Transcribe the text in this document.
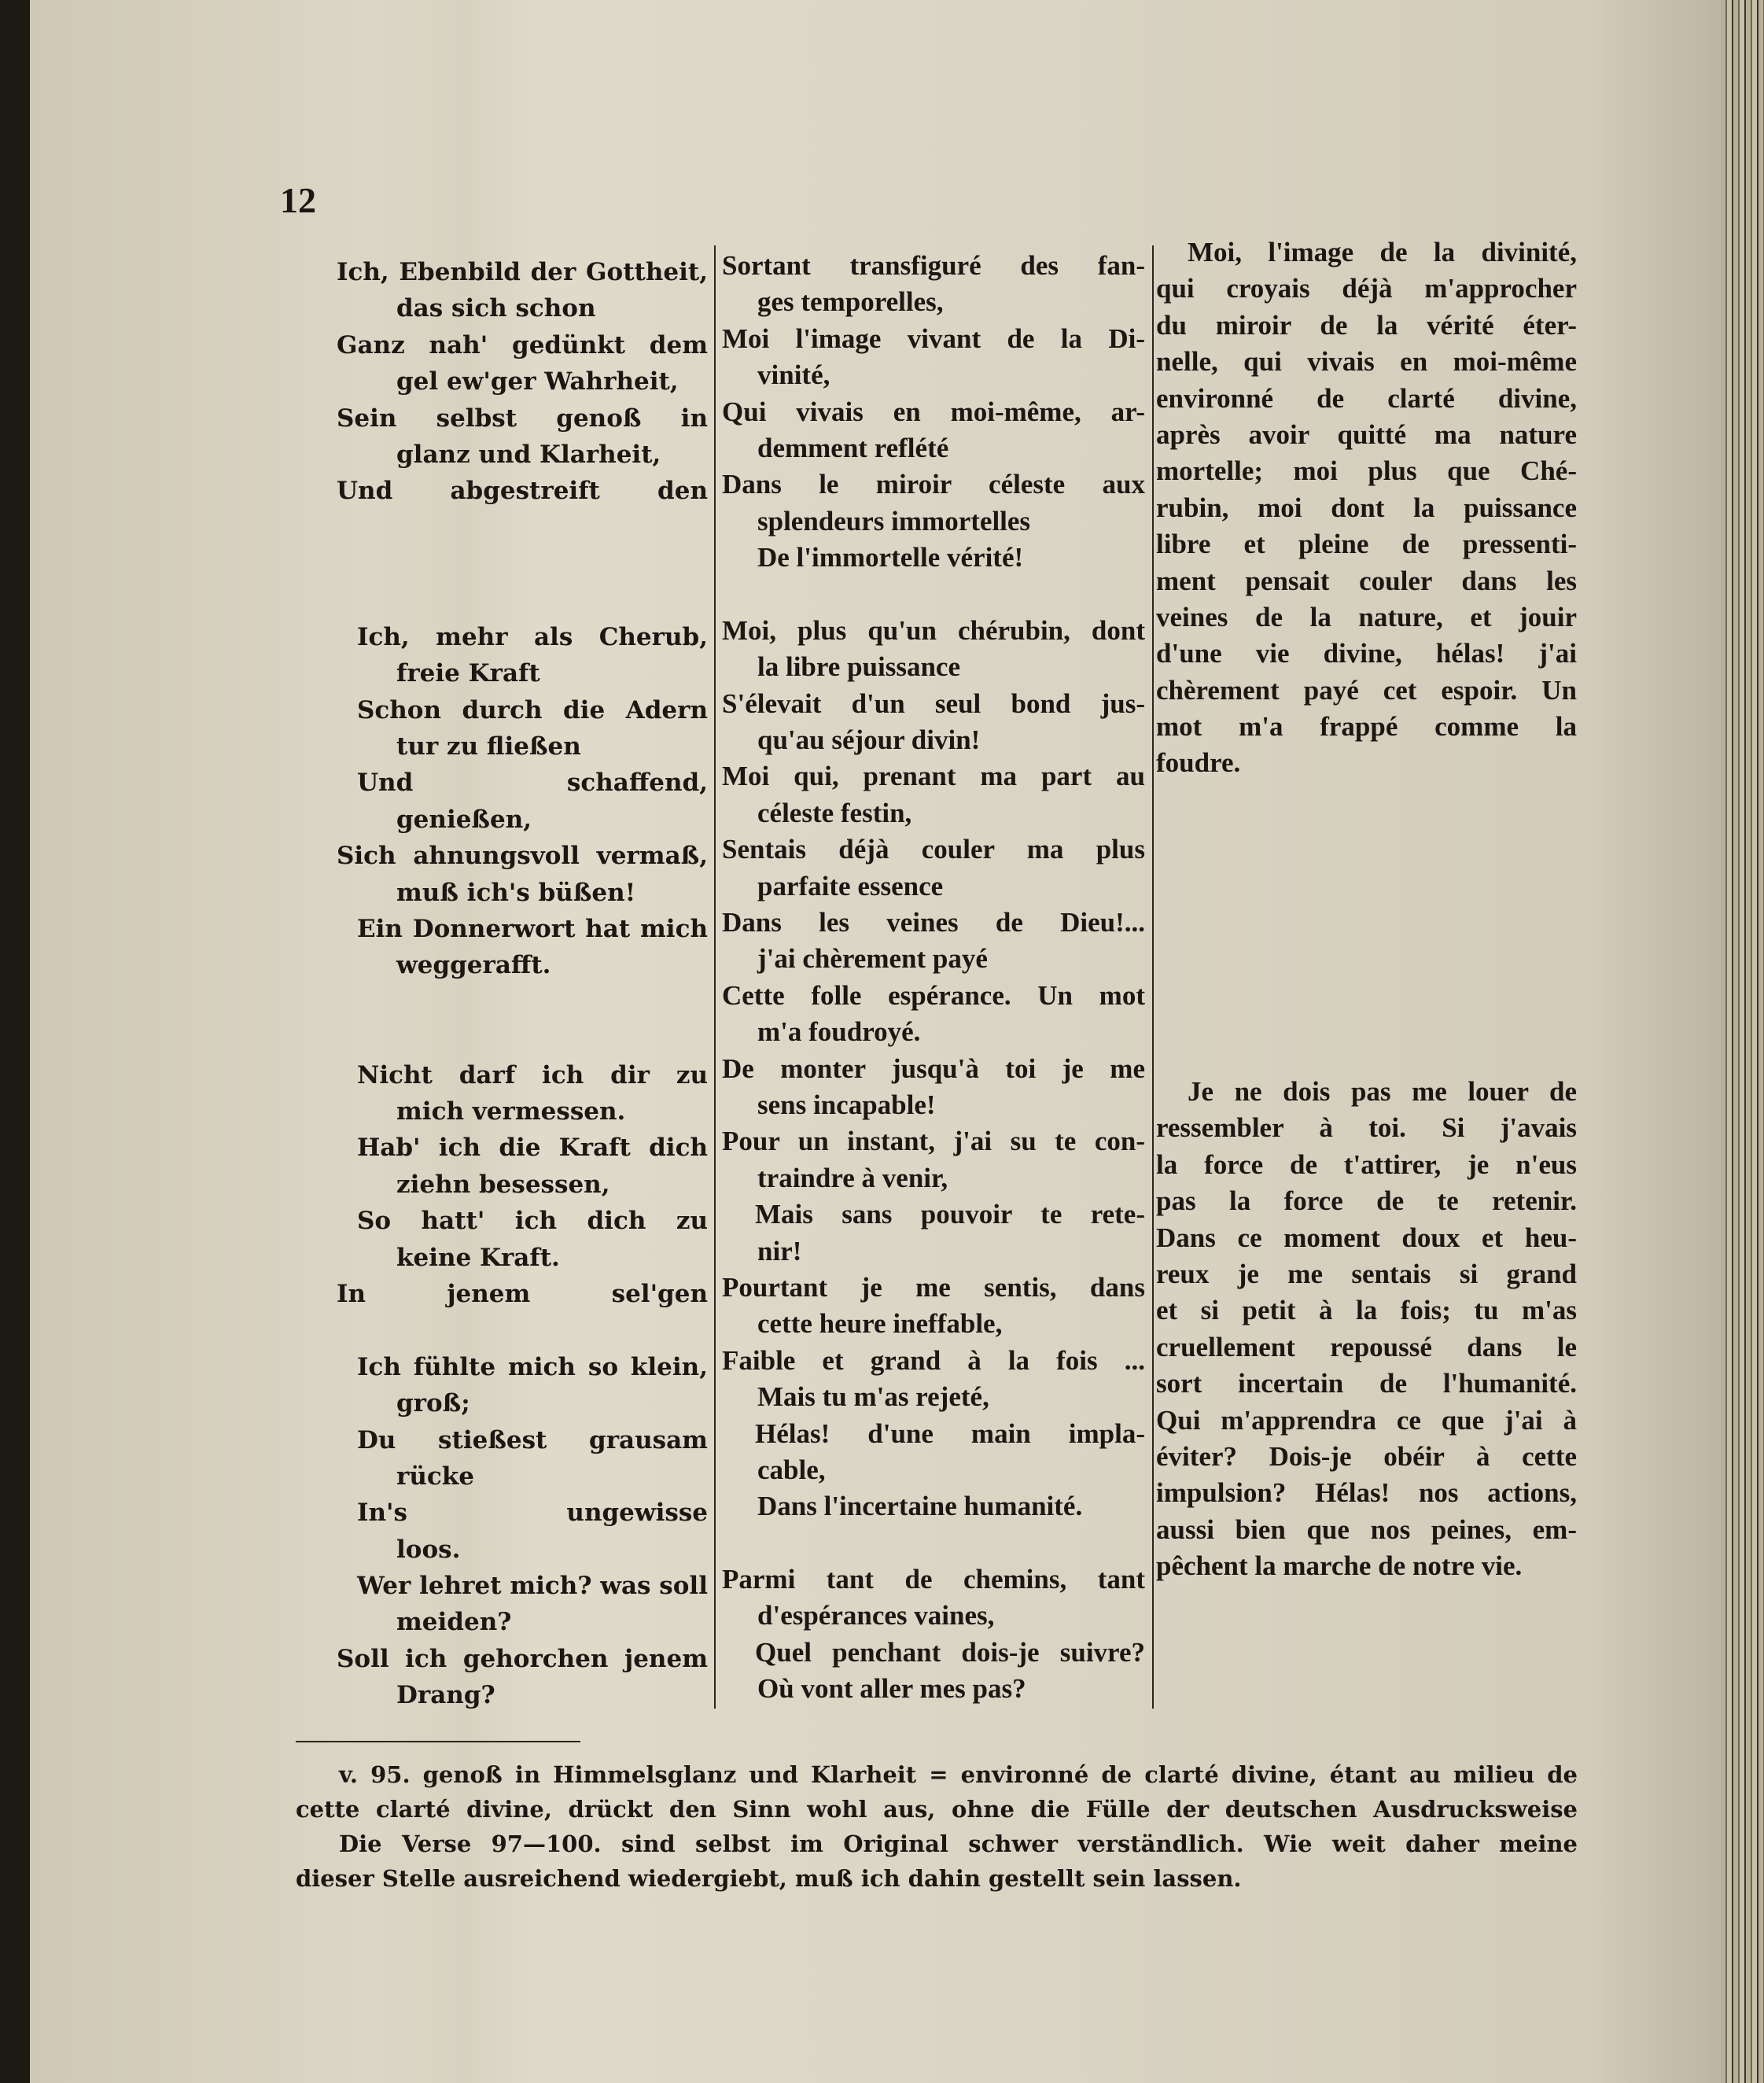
12
Ich, Ebenbild der Gottheit,
das sich schon
Ganz nah' gedünkt dem
gel ew'ger Wahrheit,
Sein selbst genoß in
glanz und Klarheit,
Und abgestreift den
Ich, mehr als Cherub,
freie Kraft
Schon durch die Adern
tur zu fließen
Und schaffend,
genießen,
Sich ahnungsvoll vermaß,
muß ich's büßen!
Ein Donnerwort hat mich
weggerafft.
Nicht darf ich dir zu
mich vermessen.
Hab' ich die Kraft dich
ziehn besessen,
So hatt' ich dich zu
keine Kraft.
In jenem sel'gen
Ich fühlte mich so klein,
groß;
Du stießest grausam
rücke
In's ungewisse
loos.
Wer lehret mich? was soll
meiden?
Soll ich gehorchen jenem
Drang?
Sortant transfiguré des fan-
ges temporelles,
Moi l'image vivant de la Di-
vinité,
Qui vivais en moi-même, ar-
demment reflété
Dans le miroir céleste aux
splendeurs immortelles
De l'immortelle vérité!
Moi, plus qu'un chérubin, dont
la libre puissance
S'élevait d'un seul bond jus-
qu'au séjour divin!
Moi qui, prenant ma part au
céleste festin,
Sentais déjà couler ma plus
parfaite essence
Dans les veines de Dieu!...
j'ai chèrement payé
Cette folle espérance. Un mot
m'a foudroyé.
De monter jusqu'à toi je me
sens incapable!
Pour un instant, j'ai su te con-
traindre à venir,
Mais sans pouvoir te rete-
nir!
Pourtant je me sentis, dans
cette heure ineffable,
Faible et grand à la fois ...
Mais tu m'as rejeté,
Hélas! d'une main impla-
cable,
Dans l'incertaine humanité.
Parmi tant de chemins, tant
d'espérances vaines,
Quel penchant dois-je suivre?
Où vont aller mes pas?
Moi, l'image de la divinité,
qui croyais déjà m'approcher
du miroir de la vérité éter-
nelle, qui vivais en moi-même
environné de clarté divine,
après avoir quitté ma nature
mortelle; moi plus que Ché-
rubin, moi dont la puissance
libre et pleine de pressenti-
ment pensait couler dans les
veines de la nature, et jouir
d'une vie divine, hélas! j'ai
chèrement payé cet espoir. Un
mot m'a frappé comme la
foudre.
Je ne dois pas me louer de
ressembler à toi. Si j'avais
la force de t'attirer, je n'eus
pas la force de te retenir.
Dans ce moment doux et heu-
reux je me sentais si grand
et si petit à la fois; tu m'as
cruellement repoussé dans le
sort incertain de l'humanité.
Qui m'apprendra ce que j'ai à
éviter? Dois-je obéir à cette
impulsion? Hélas! nos actions,
aussi bien que nos peines, em-
pêchent la marche de notre vie.
v. 95. genoß in Himmelsglanz und Klarheit = environné de clarté divine, étant au milieu de
cette clarté divine, drückt den Sinn wohl aus, ohne die Fülle der deutschen Ausdrucksweise
Die Verse 97—100. sind selbst im Original schwer verständlich. Wie weit daher meine
dieser Stelle ausreichend wiedergiebt, muß ich dahin gestellt sein lassen.
